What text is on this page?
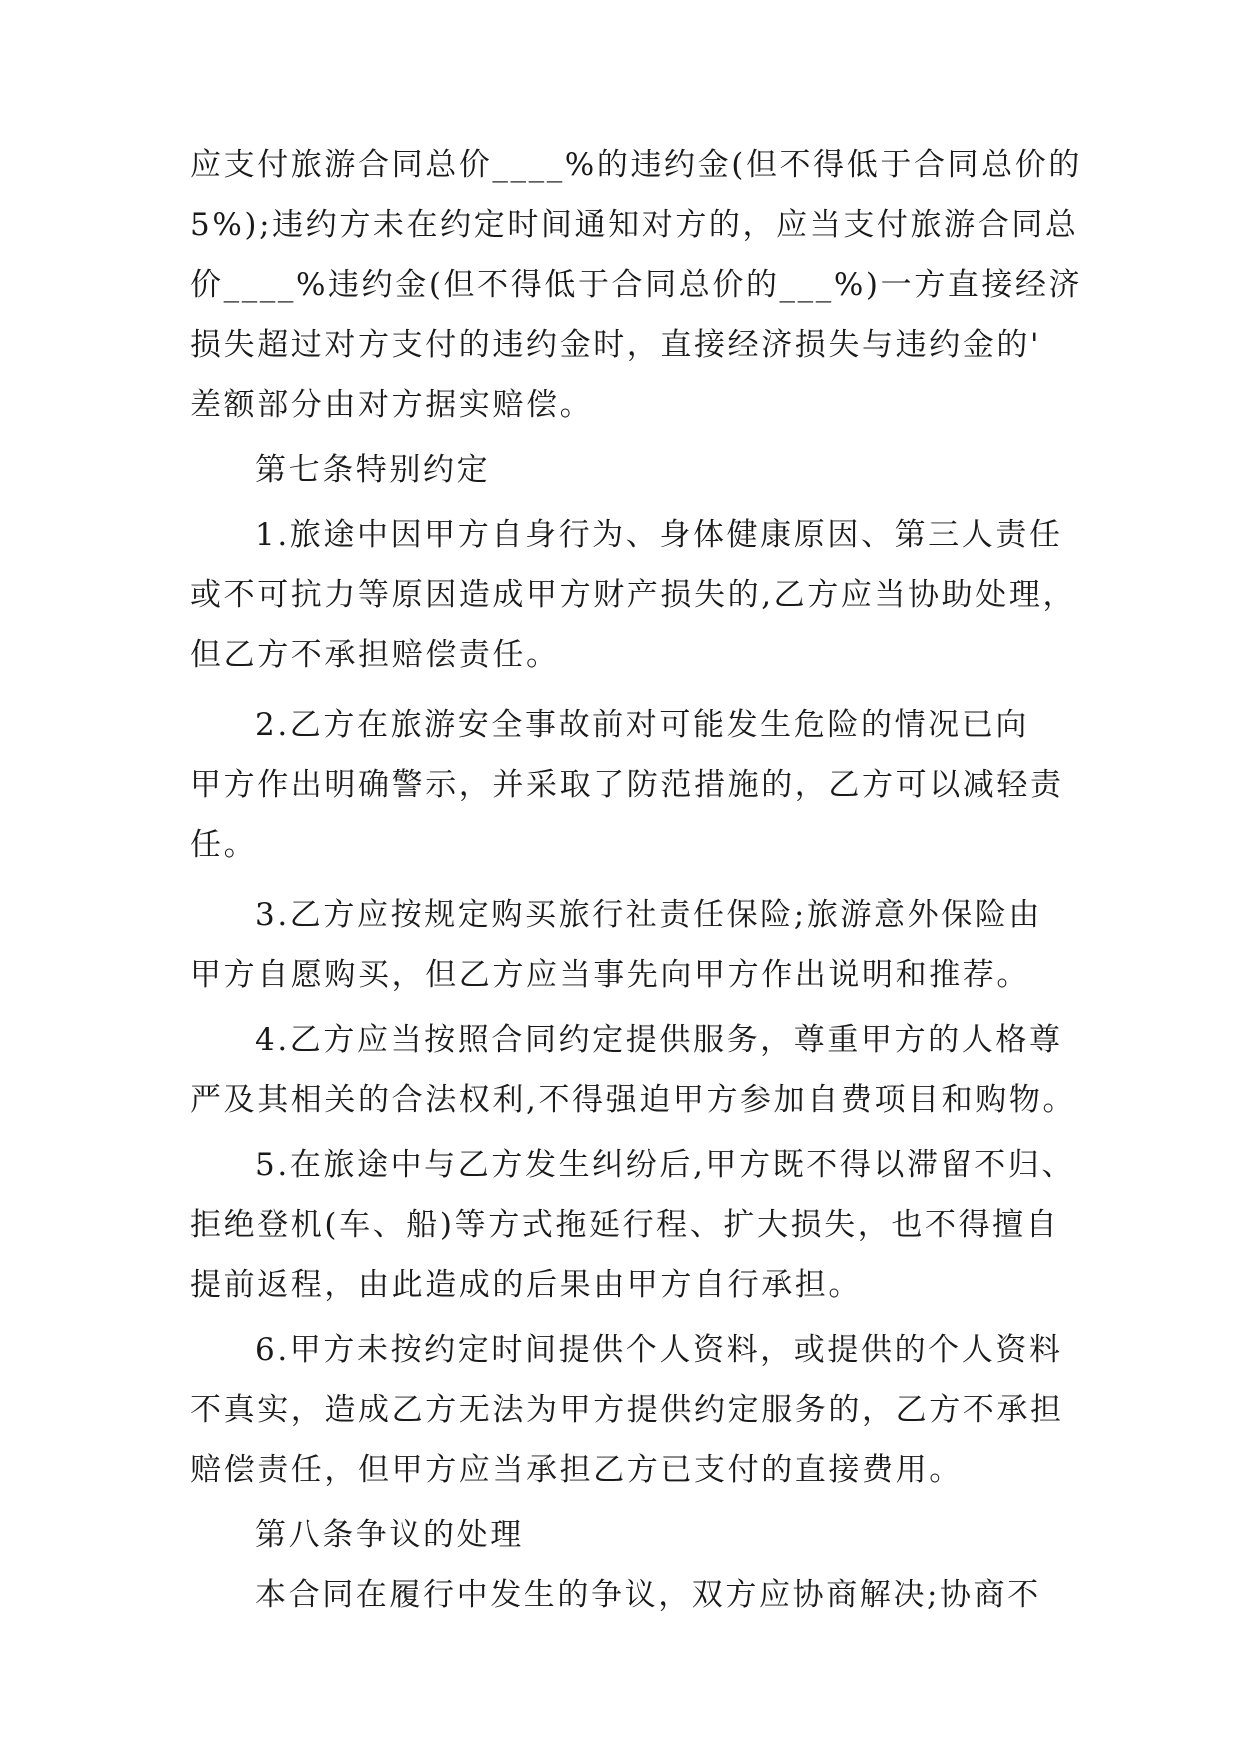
应支付旅游合同总价____%的违约金(但不得低于合同总价的
5%);违约方未在约定时间通知对方的，应当支付旅游合同总
价____%违约金(但不得低于合同总价的___%)一方直接经济
损失超过对方支付的违约金时，直接经济损失与违约金的'
差额部分由对方据实赔偿。
第七条特别约定
1.旅途中因甲方自身行为、身体健康原因、第三人责任
或不可抗力等原因造成甲方财产损失的,乙方应当协助处理，
但乙方不承担赔偿责任。
2.乙方在旅游安全事故前对可能发生危险的情况已向
甲方作出明确警示，并采取了防范措施的，乙方可以减轻责
任。
3.乙方应按规定购买旅行社责任保险;旅游意外保险由
甲方自愿购买，但乙方应当事先向甲方作出说明和推荐。
4.乙方应当按照合同约定提供服务，尊重甲方的人格尊
严及其相关的合法权利,不得强迫甲方参加自费项目和购物。
5.在旅途中与乙方发生纠纷后,甲方既不得以滞留不归、
拒绝登机(车、船)等方式拖延行程、扩大损失，也不得擅自
提前返程，由此造成的后果由甲方自行承担。
6.甲方未按约定时间提供个人资料，或提供的个人资料
不真实，造成乙方无法为甲方提供约定服务的，乙方不承担
赔偿责任，但甲方应当承担乙方已支付的直接费用。
第八条争议的处理
本合同在履行中发生的争议，双方应协商解决;协商不
